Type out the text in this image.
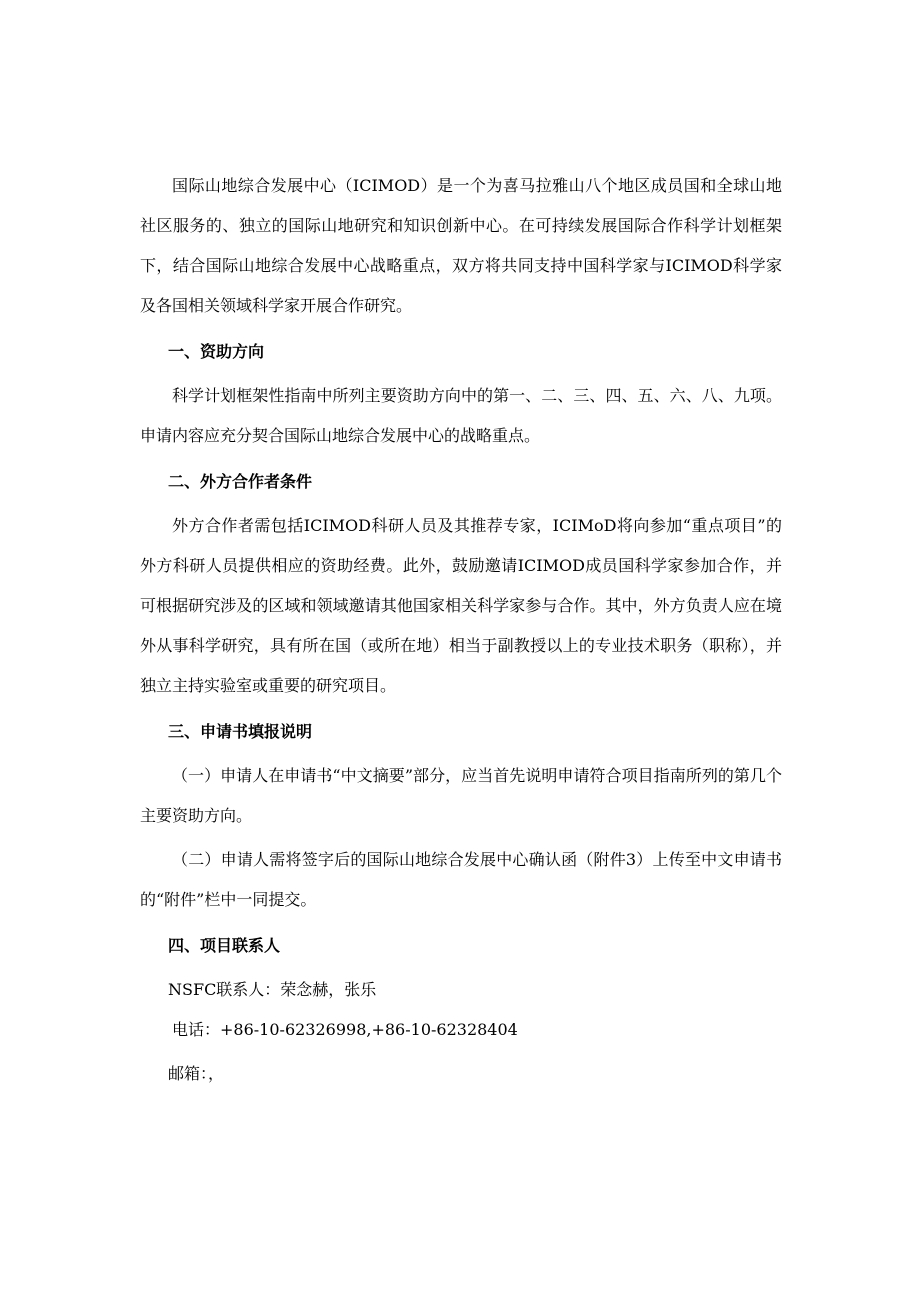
国际山地综合发展中心（ICIMOD）是一个为喜马拉雅山八个地区成员国和全球山地社区服务的、独立的国际山地研究和知识创新中心。在可持续发展国际合作科学计划框架下，结合国际山地综合发展中心战略重点，双方将共同支持中国科学家与ICIMOD科学家及各国相关领域科学家开展合作研究。

一、资助方向

科学计划框架性指南中所列主要资助方向中的第一、二、三、四、五、六、八、九项。申请内容应充分契合国际山地综合发展中心的战略重点。

二、外方合作者条件

外方合作者需包括ICIMOD科研人员及其推荐专家，ICIMoD将向参加“重点项目”的外方科研人员提供相应的资助经费。此外，鼓励邀请ICIMOD成员国科学家参加合作，并可根据研究涉及的区域和领域邀请其他国家相关科学家参与合作。其中，外方负责人应在境外从事科学研究，具有所在国（或所在地）相当于副教授以上的专业技术职务（职称），并独立主持实验室或重要的研究项目。

三、申请书填报说明

（一）申请人在申请书“中文摘要”部分，应当首先说明申请符合项目指南所列的第几个主要资助方向。

（二）申请人需将签字后的国际山地综合发展中心确认函（附件3）上传至中文申请书的“附件”栏中一同提交。

四、项目联系人

NSFC联系人：荣念赫，张乐

电话：+86-10-62326998,+86-10-62328404

邮箱：，
